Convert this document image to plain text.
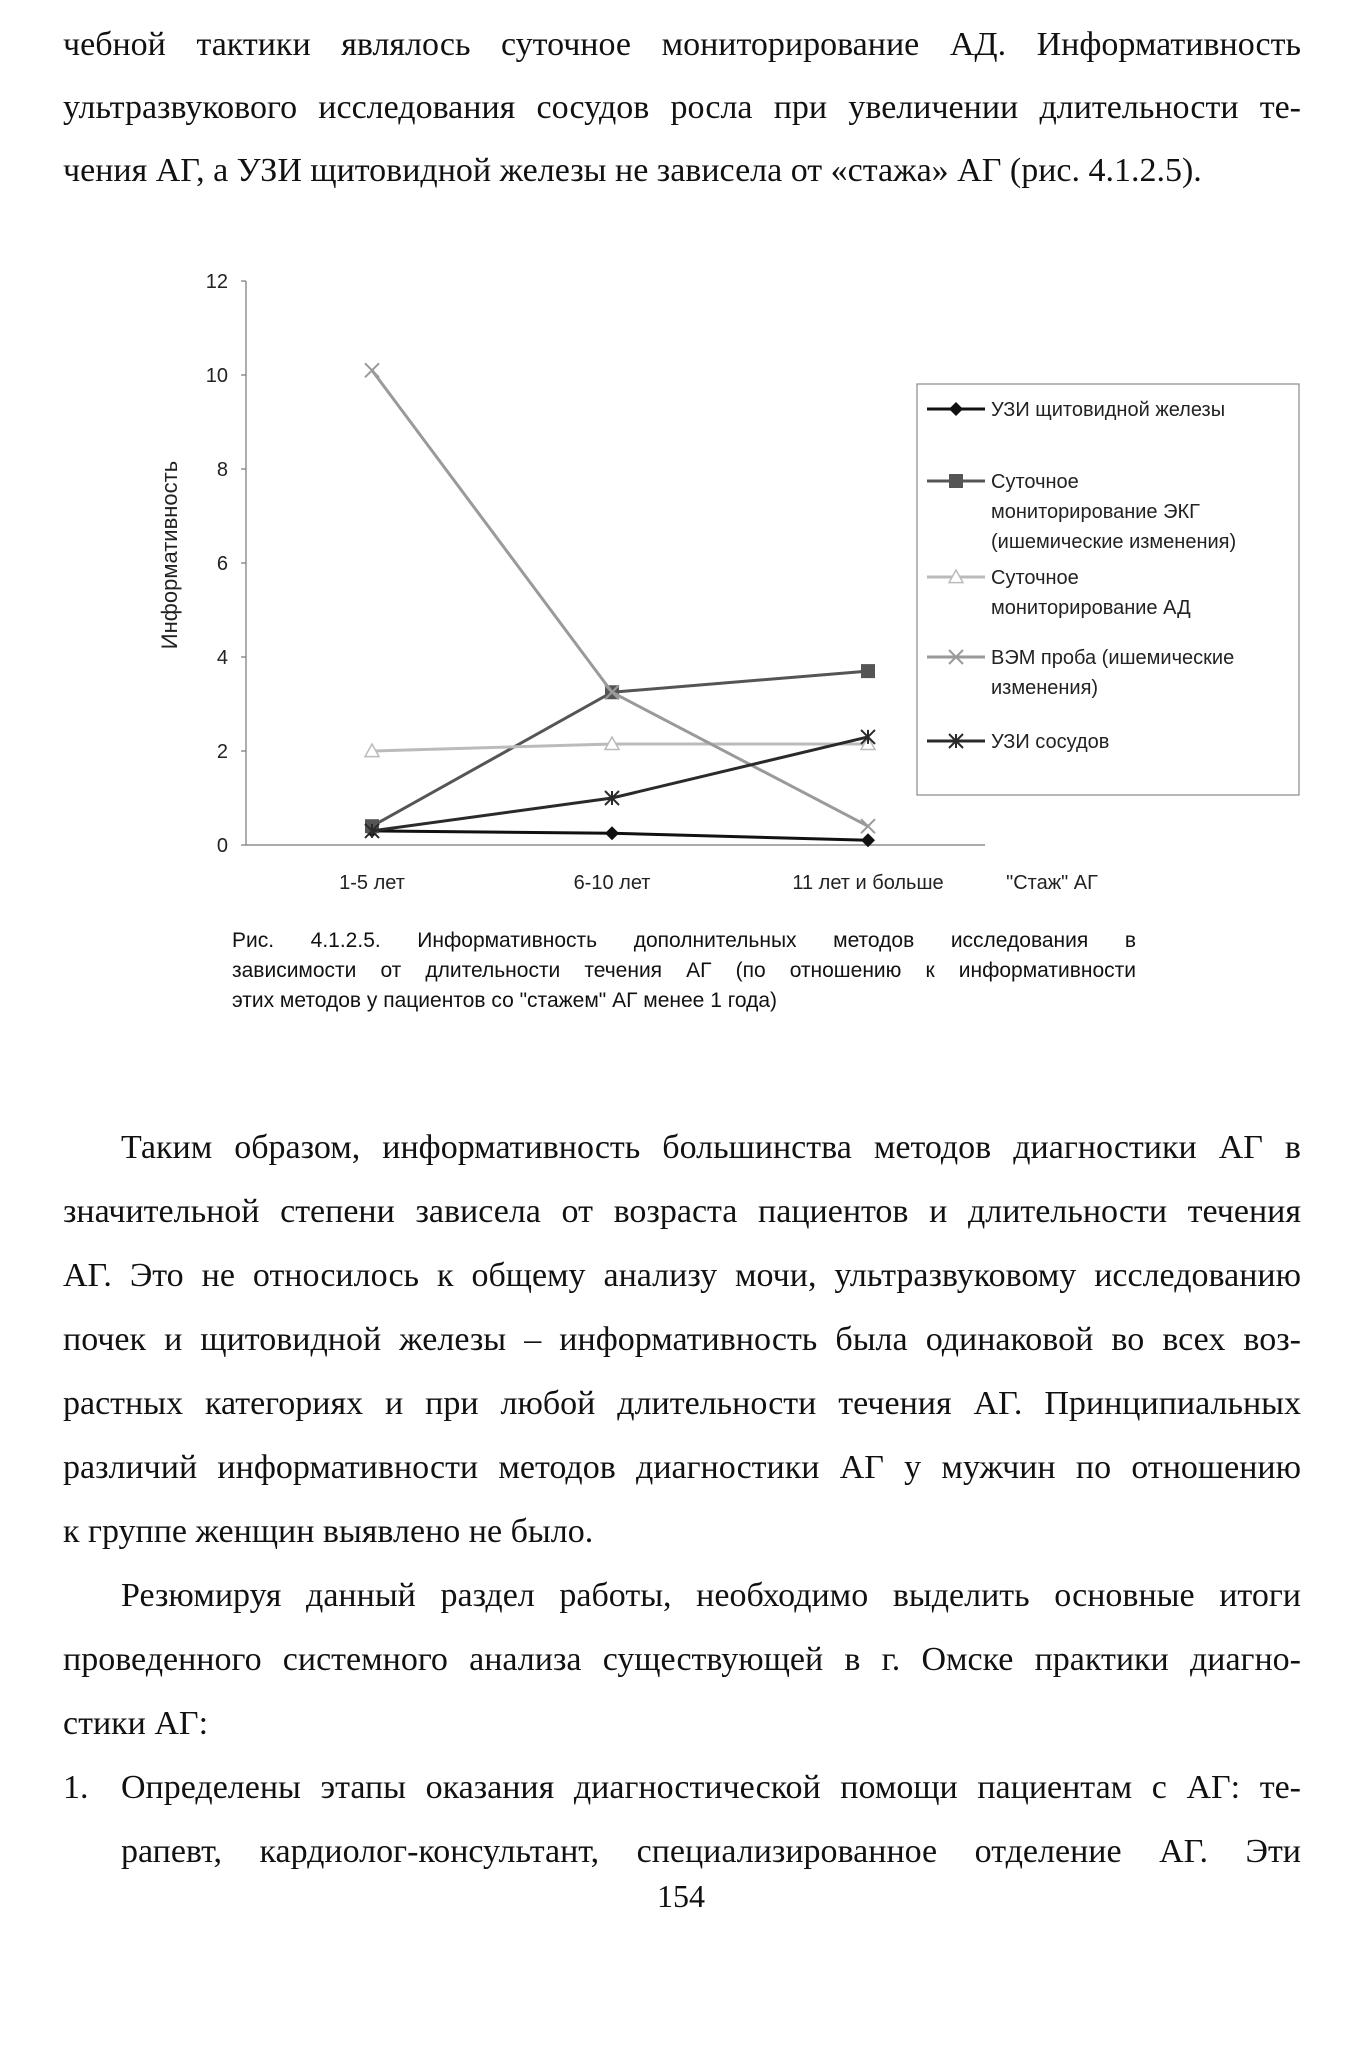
чебной тактики являлось суточное мониторирование АД. Информативность
ультразвукового исследования сосудов росла при увеличении длительности те-
чения АГ, а УЗИ щитовидной железы не зависела от «стажа» АГ (рис. 4.1.2.5).
0
2
4
6
8
10
12
1-5 лет	6-10 лет	11 лет и больше	"Стаж" АГ
Информативность
УЗИ щитовидной железы
Суточное
мониторирование ЭКГ
(ишемические изменения)
Суточное
мониторирование АД
ВЭМ проба (ишемические
изменения)
УЗИ сосудов
Рис. 4.1.2.5. Информативность дополнительных методов исследования в
зависимости от длительности течения АГ (по отношению к информативности
этих методов у пациентов со "стажем" АГ менее 1 года)
Таким образом, информативность большинства методов диагностики АГ в
значительной степени зависела от возраста пациентов и длительности течения
АГ. Это не относилось к общему анализу мочи, ультразвуковому исследованию
почек и щитовидной железы – информативность была одинаковой во всех воз-
растных категориях и при любой длительности течения АГ. Принципиальных
различий информативности методов диагностики АГ у мужчин по отношению
к группе женщин выявлено не было.
Резюмируя данный раздел работы, необходимо выделить основные итоги
проведенного системного анализа существующей в г. Омске практики диагно-
стики АГ:
1. Определены этапы оказания диагностической помощи пациентам с АГ: те-
рапевт, кардиолог-консультант, специализированное отделение АГ. Эти
154
